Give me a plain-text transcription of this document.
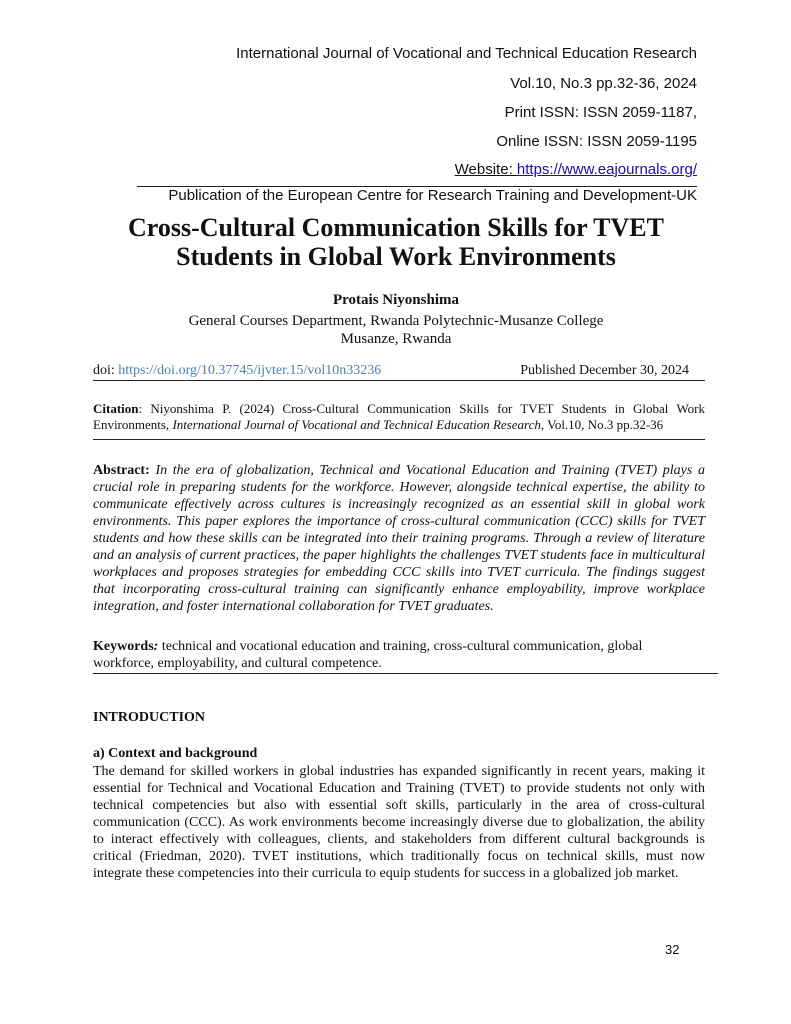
International Journal of Vocational and Technical Education Research
Vol.10, No.3 pp.32-36, 2024
Print ISSN: ISSN 2059-1187,
Online ISSN: ISSN 2059-1195
Website: https://www.eajournals.org/
Publication of the European Centre for Research Training and Development-UK
Cross-Cultural Communication Skills for TVET
Students in Global Work Environments
Protais Niyonshima
General Courses Department, Rwanda Polytechnic-Musanze College
Musanze, Rwanda
doi: https://doi.org/10.37745/ijvter.15/vol10n33236	Published December 30, 2024
Citation: Niyonshima P. (2024) Cross-Cultural Communication Skills for TVET Students in Global Work Environments, International Journal of Vocational and Technical Education Research, Vol.10, No.3 pp.32-36
Abstract: In the era of globalization, Technical and Vocational Education and Training (TVET) plays a crucial role in preparing students for the workforce. However, alongside technical expertise, the ability to communicate effectively across cultures is increasingly recognized as an essential skill in global work environments. This paper explores the importance of cross-cultural communication (CCC) skills for TVET students and how these skills can be integrated into their training programs. Through a review of literature and an analysis of current practices, the paper highlights the challenges TVET students face in multicultural workplaces and proposes strategies for embedding CCC skills into TVET curricula. The findings suggest that incorporating cross-cultural training can significantly enhance employability, improve workplace integration, and foster international collaboration for TVET graduates.
Keywords: technical and vocational education and training, cross-cultural communication, global workforce, employability, and cultural competence.
INTRODUCTION
a) Context and background
The demand for skilled workers in global industries has expanded significantly in recent years, making it essential for Technical and Vocational Education and Training (TVET) to provide students not only with technical competencies but also with essential soft skills, particularly in the area of cross-cultural communication (CCC). As work environments become increasingly diverse due to globalization, the ability to interact effectively with colleagues, clients, and stakeholders from different cultural backgrounds is critical (Friedman, 2020). TVET institutions, which traditionally focus on technical skills, must now integrate these competencies into their curricula to equip students for success in a globalized job market.
32
